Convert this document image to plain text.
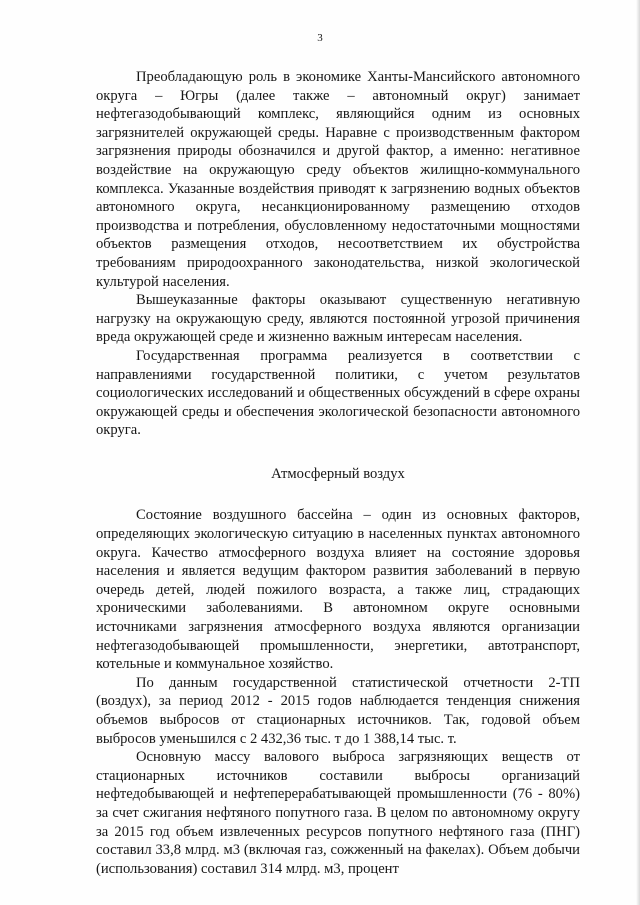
3

Преобладающую роль в экономике Ханты-Мансийского автономного округа – Югры (далее также – автономный округ) занимает нефтегазодобывающий комплекс, являющийся одним из основных загрязнителей окружающей среды. Наравне с производственным фактором загрязнения природы обозначился и другой фактор, а именно: негативное воздействие на окружающую среду объектов жилищно-коммунального комплекса. Указанные воздействия приводят к загрязнению водных объектов автономного округа, несанкционированному размещению отходов производства и потребления, обусловленному недостаточными мощностями объектов размещения отходов, несоответствием их обустройства требованиям природоохранного законодательства, низкой экологической культурой населения.

Вышеуказанные факторы оказывают существенную негативную нагрузку на окружающую среду, являются постоянной угрозой причинения вреда окружающей среде и жизненно важным интересам населения.

Государственная программа реализуется в соответствии с направлениями государственной политики, с учетом результатов социологических исследований и общественных обсуждений в сфере охраны окружающей среды и обеспечения экологической безопасности автономного округа.

Атмосферный воздух

Состояние воздушного бассейна – один из основных факторов, определяющих экологическую ситуацию в населенных пунктах автономного округа. Качество атмосферного воздуха влияет на состояние здоровья населения и является ведущим фактором развития заболеваний в первую очередь детей, людей пожилого возраста, а также лиц, страдающих хроническими заболеваниями. В автономном округе основными источниками загрязнения атмосферного воздуха являются организации нефтегазодобывающей промышленности, энергетики, автотранспорт, котельные и коммунальное хозяйство.

По данным государственной статистической отчетности 2-ТП (воздух), за период 2012 - 2015 годов наблюдается тенденция снижения объемов выбросов от стационарных источников. Так, годовой объем выбросов уменьшился с 2 432,36 тыс. т до 1 388,14 тыс. т.

Основную массу валового выброса загрязняющих веществ от стационарных источников составили выбросы организаций нефтедобывающей и нефтеперерабатывающей промышленности (76 - 80%) за счет сжигания нефтяного попутного газа. В целом по автономному округу за 2015 год объем извлеченных ресурсов попутного нефтяного газа (ПНГ) составил 33,8 млрд. м3 (включая газ, сожженный на факелах). Объем добычи (использования) составил 314 млрд. м3, процент
